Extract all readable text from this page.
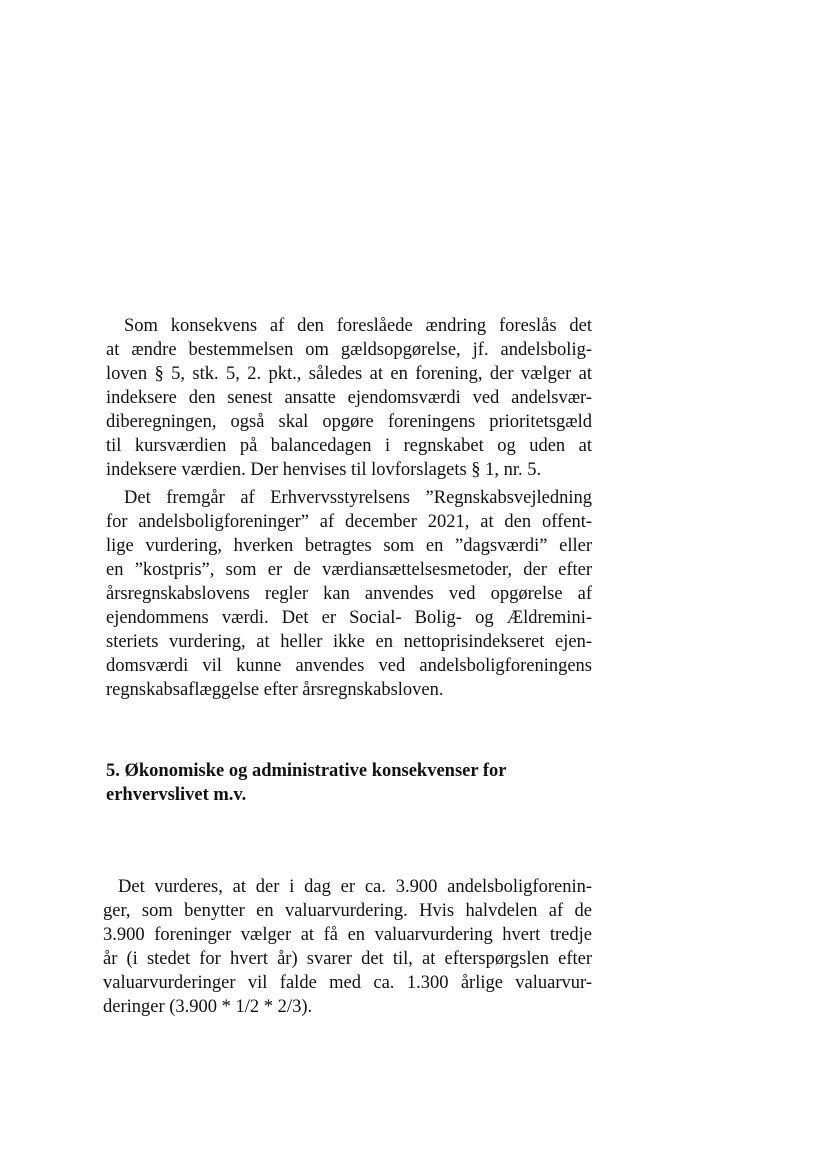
Som konsekvens af den foreslåede ændring foreslås det
at ændre bestemmelsen om gældsopgørelse, jf. andelsbolig-
loven § 5, stk. 5, 2. pkt., således at en forening, der vælger at
indeksere den senest ansatte ejendomsværdi ved andelsvær-
diberegningen, også skal opgøre foreningens prioritetsgæld
til kursværdien på balancedagen i regnskabet og uden at
indeksere værdien. Der henvises til lovforslagets § 1, nr. 5.
Det fremgår af Erhvervsstyrelsens ”Regnskabsvejledning
for andelsboligforeninger” af december 2021, at den offent-
lige vurdering, hverken betragtes som en ”dagsværdi” eller
en ”kostpris”, som er de værdiansættelsesmetoder, der efter
årsregnskabslovens regler kan anvendes ved opgørelse af
ejendommens værdi. Det er Social- Bolig- og Ældremini-
steriets vurdering, at heller ikke en nettoprisindekseret ejen-
domsværdi vil kunne anvendes ved andelsboligforeningens
regnskabsaflæggelse efter årsregnskabsloven.
5. Økonomiske og administrative konsekvenser for
erhvervslivet m.v.
Det vurderes, at der i dag er ca. 3.900 andelsboligforenin-
ger, som benytter en valuarvurdering. Hvis halvdelen af de
3.900 foreninger vælger at få en valuarvurdering hvert tredje
år (i stedet for hvert år) svarer det til, at efterspørgslen efter
valuarvurderinger vil falde med ca. 1.300 årlige valuarvur-
deringer (3.900 * 1/2 * 2/3).
